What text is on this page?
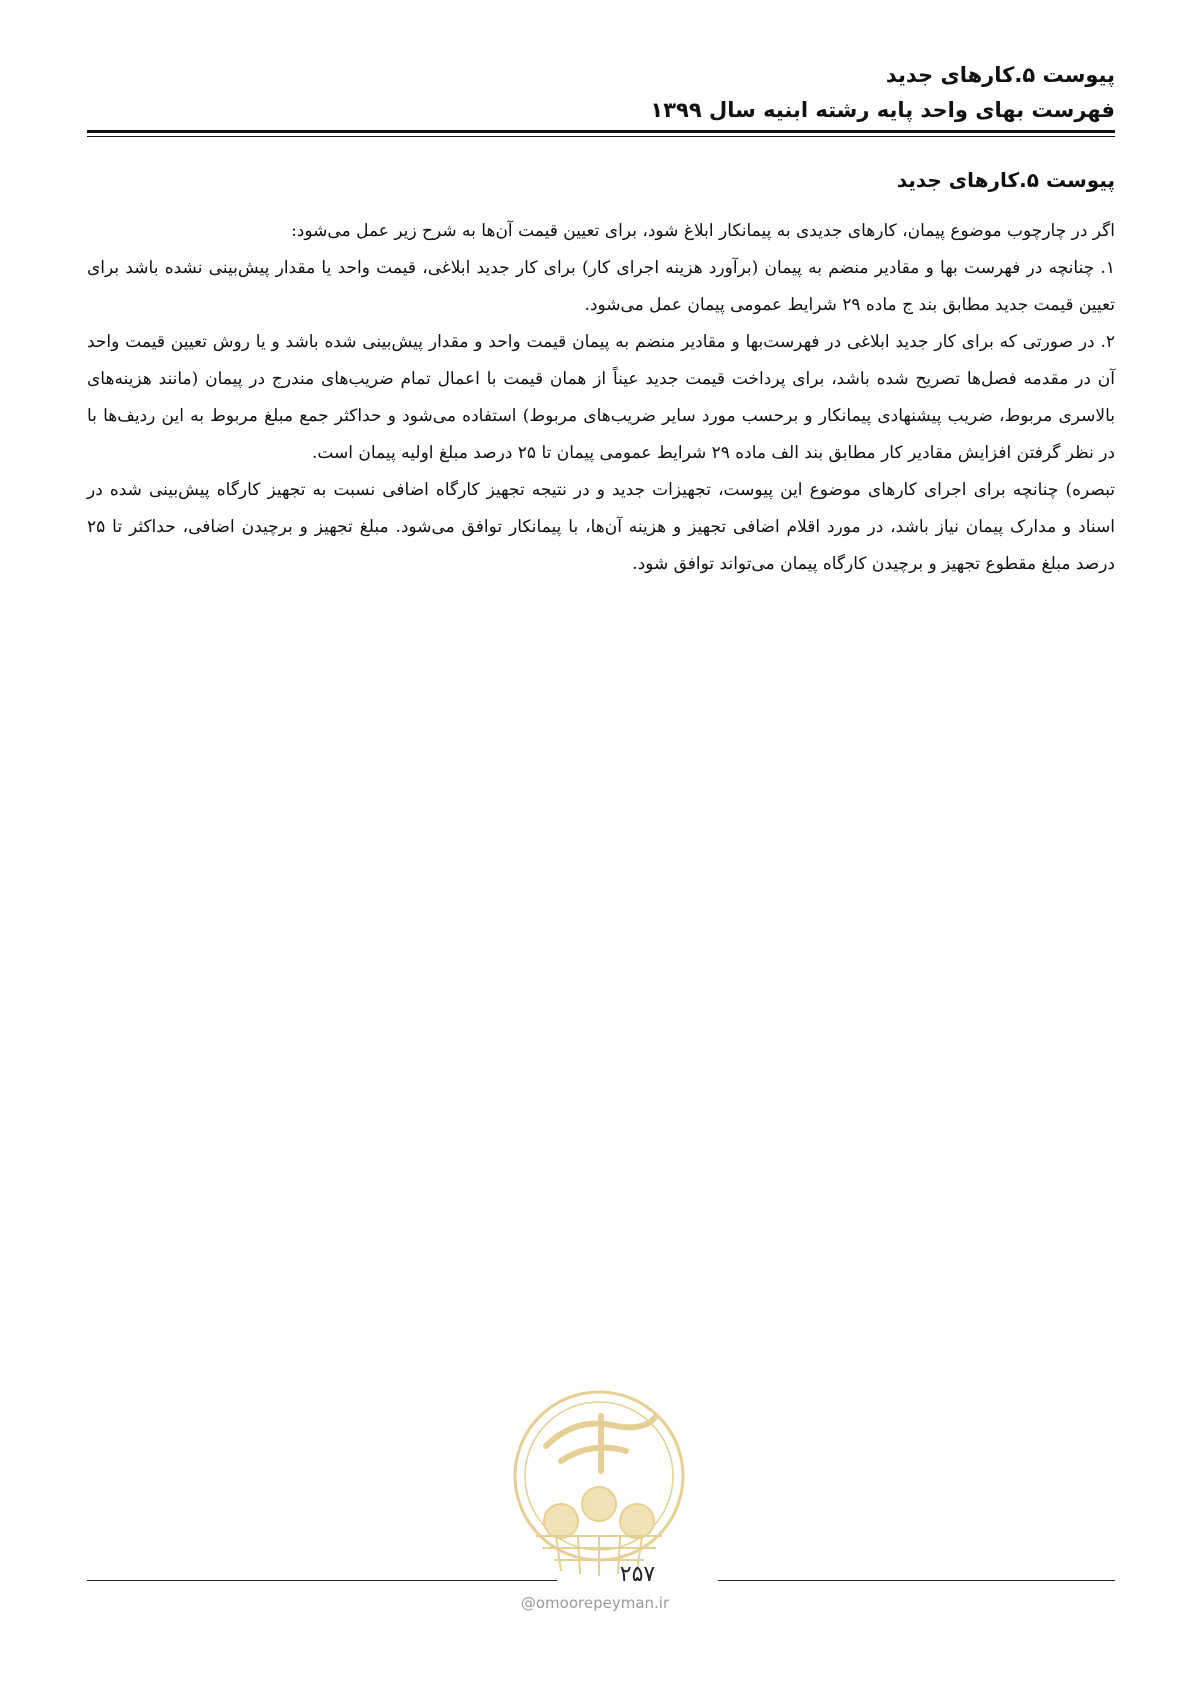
پیوست ۵.کارهای جدید
فهرست بهای واحد پایه رشته ابنیه سال ۱۳۹۹
پیوست ۵.کارهای جدید

اگر در چارچوب موضوع پیمان، کارهای جدیدی به پیمانکار ابلاغ شود، برای تعیین قیمت آن‌ها به شرح زیر عمل می‌شود:

۱. چنانچه در فهرست بها و مقادیر منضم به پیمان (برآورد هزینه اجرای کار) برای کار جدید ابلاغی، قیمت واحد یا مقدار پیش‌بینی نشده باشد برای تعیین قیمت جدید مطابق بند ج ماده ۲۹ شرایط عمومی پیمان عمل می‌شود.

۲. در صورتی که برای کار جدید ابلاغی در فهرست‌بها و مقادیر منضم به پیمان قیمت واحد و مقدار پیش‌بینی شده باشد و یا روش تعیین قیمت واحد آن در مقدمه فصل‌ها تصریح شده باشد، برای پرداخت قیمت جدید عیناً از همان قیمت با اعمال تمام ضریب‌های مندرج در پیمان (مانند هزینه‌های بالاسری مربوط، ضریب پیشنهادی پیمانکار و برحسب مورد سایر ضریب‌های مربوط) استفاده می‌شود و حداکثر جمع مبلغ مربوط به این ردیف‌ها با در نظر گرفتن افزایش مقادیر کار مطابق بند الف ماده ۲۹ شرایط عمومی پیمان تا ۲۵ درصد مبلغ اولیه پیمان است.

تبصره) چنانچه برای اجرای کارهای موضوع این پیوست، تجهیزات جدید و در نتیجه تجهیز کارگاه اضافی نسبت به تجهیز کارگاه پیش‌بینی شده در اسناد و مدارک پیمان نیاز باشد، در مورد اقلام اضافی تجهیز و هزینه آن‌ها، با پیمانکار توافق می‌شود. مبلغ تجهیز و برچیدن اضافی، حداکثر تا ۲۵ درصد مبلغ مقطوع تجهیز و برچیدن کارگاه پیمان می‌تواند توافق شود.

۲۵۷
@omoorepeyman.ir
